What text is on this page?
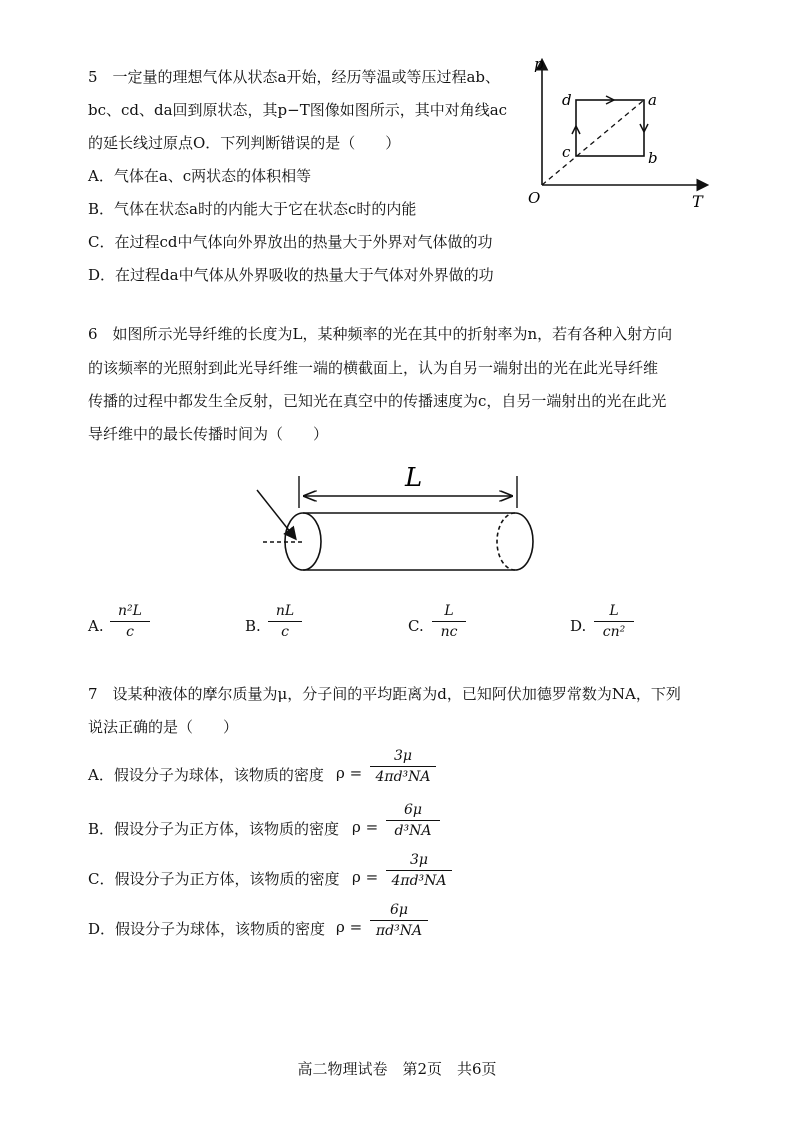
5　一定量的理想气体从状态a开始，经历等温或等压过程ab、
bc、cd、da回到原状态，其p−T图像如图所示，其中对角线ac
的延长线过原点O．下列判断错误的是（　　）
A．气体在a、c两状态的体积相等
B．气体在状态a时的内能大于它在状态c时的内能
C．在过程cd中气体向外界放出的热量大于外界对气体做的功
D．在过程da中气体从外界吸收的热量大于气体对外界做的功
p
T
O
d	a
c	b
6　如图所示光导纤维的长度为L，某种频率的光在其中的折射率为n，若有各种入射方向
的该频率的光照射到此光导纤维一端的横截面上，认为自另一端射出的光在此光导纤维
传播的过程中都发生全反射，已知光在真空中的传播速度为c，自另一端射出的光在此光
导纤维中的最长传播时间为（　　）
L
A.
n²L
c	B.
nL
c	C.
L
nc	D.
L
cn²
7　设某种液体的摩尔质量为μ，分子间的平均距离为d，已知阿伏加德罗常数为NA，下列
说法正确的是（　　）
A．假设分子为球体，该物质的密度 ρ =
3μ
4πd³NA
B．假设分子为正方体，该物质的密度 ρ =
6μ
d³NA
C．假设分子为正方体，该物质的密度 ρ =
3μ
4πd³NA
D．假设分子为球体，该物质的密度 ρ =
6μ
πd³NA
高二物理试卷　第2页　共6页
